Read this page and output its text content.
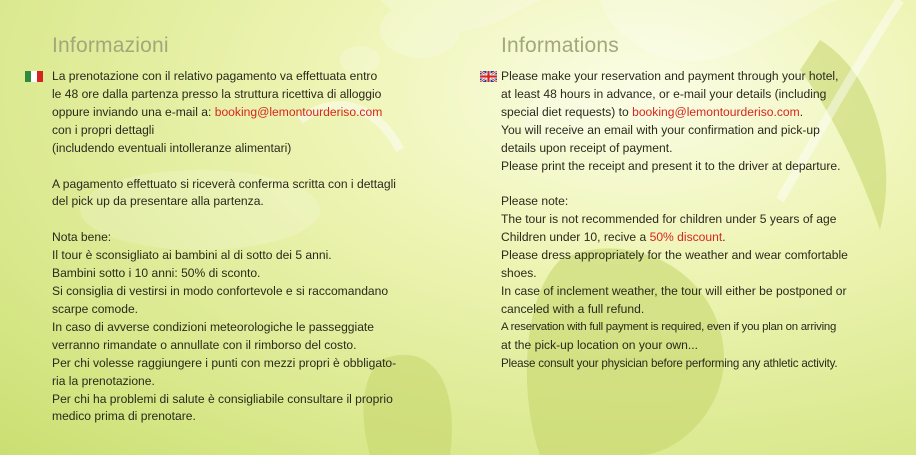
Informazioni

La prenotazione con il relativo pagamento va effettuata entro

le 48 ore dalla partenza presso la struttura ricettiva di alloggio

oppure inviando una e-mail a: booking@lemontourderiso.com

con i propri dettagli

(includendo eventuali intolleranze alimentari)

A pagamento effettuato si riceverà conferma scritta con i dettagli

del pick up da presentare alla partenza.

Nota bene:

Il tour è sconsigliato ai bambini al di sotto dei 5 anni.

Bambini sotto i 10 anni: 50% di sconto.

Si consiglia di vestirsi in modo confortevole e si raccomandano

scarpe comode.

In caso di avverse condizioni meteorologiche le passeggiate

verranno rimandate o annullate con il rimborso del costo.

Per chi volesse raggiungere i punti con mezzi propri è obbligato-

ria la prenotazione.

Per chi ha problemi di salute è consigliabile consultare il proprio

medico prima di prenotare.

Informations

Please make your reservation and payment through your hotel,

at least 48 hours in advance, or e-mail your details (including

special diet requests) to booking@lemontourderiso.com.

You will receive an email with your confirmation and pick-up

details upon receipt of payment.

Please print the receipt and present it to the driver at departure.

Please note:

The tour is not recommended for children under 5 years of age

Children under 10, recive a 50% discount.

Please dress appropriately for the weather and wear comfortable

shoes.

In case of inclement weather, the tour will either be postponed or

canceled with a full refund.

A reservation with full payment is required, even if you plan on arriving

at the pick-up location on your own...

Please consult your physician before performing any athletic activity.
